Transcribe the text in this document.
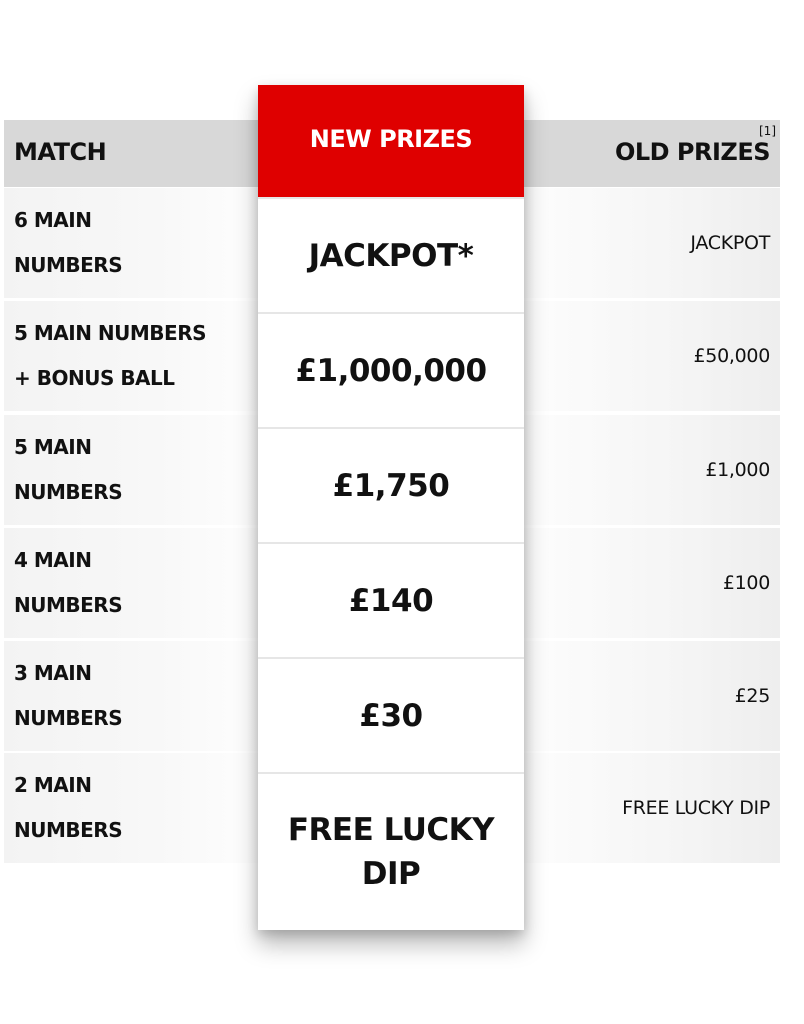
MATCH	OLD PRIZES
[1]
6 MAIN
NUMBERS
JACKPOT
5 MAIN NUMBERS
+ BONUS BALL
£50,000
5 MAIN
NUMBERS
£1,000
4 MAIN
NUMBERS
£100
3 MAIN
NUMBERS
£25
2 MAIN
NUMBERS
FREE LUCKY DIP
NEW PRIZES
JACKPOT*
£1,000,000
£1,750
£140
£30
FREE LUCKY
DIP
